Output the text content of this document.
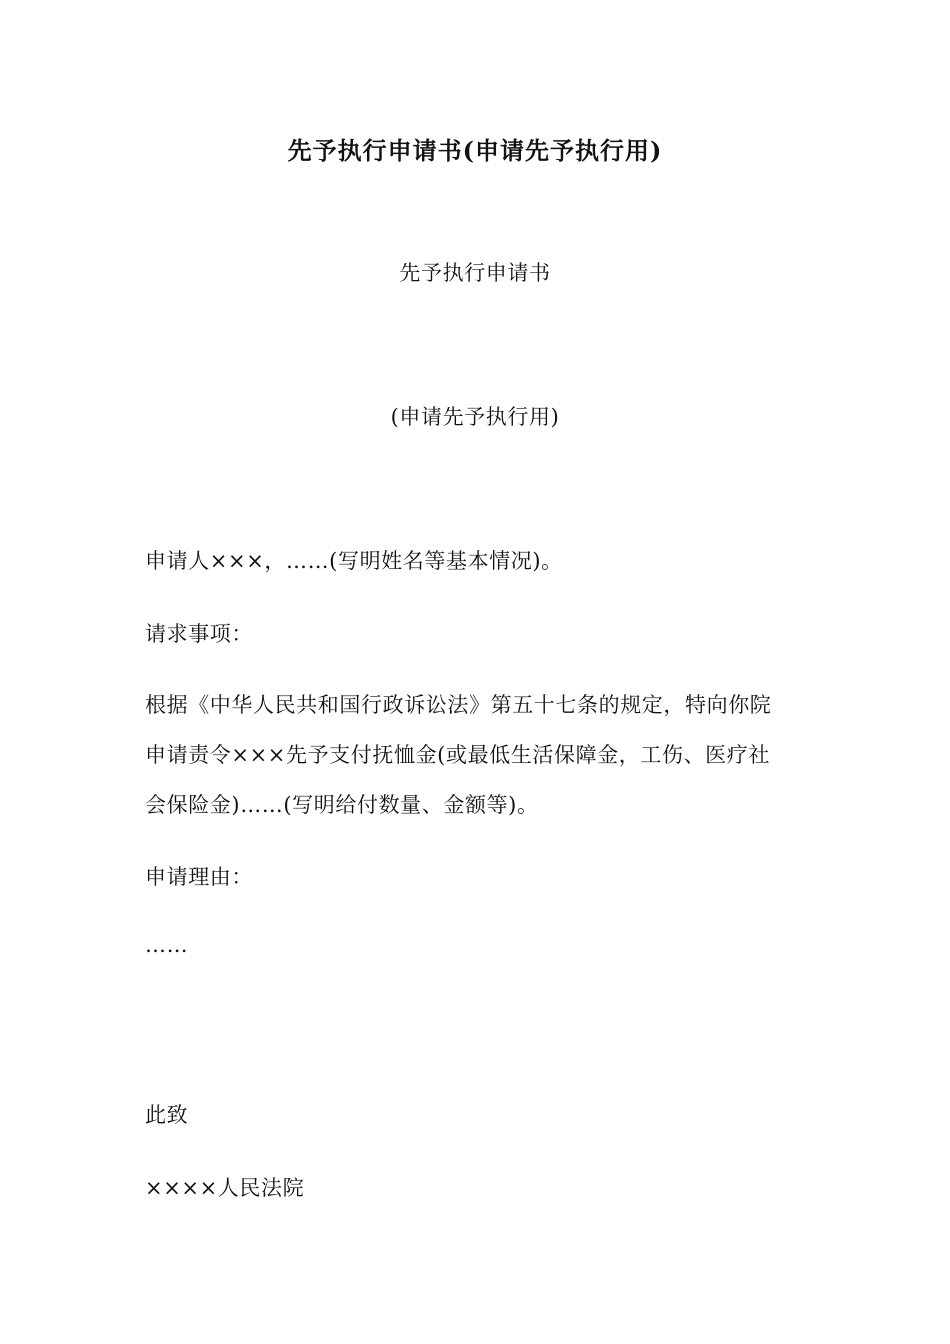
先予执行申请书(申请先予执行用)
先予执行申请书
(申请先予执行用)
申请人×××，……(写明姓名等基本情况)。
请求事项：
根据《中华人民共和国行政诉讼法》第五十七条的规定，特向你院
申请责令×××先予支付抚恤金(或最低生活保障金，工伤、医疗社
会保险金)……(写明给付数量、金额等)。
申请理由：
……
此致
××××人民法院
